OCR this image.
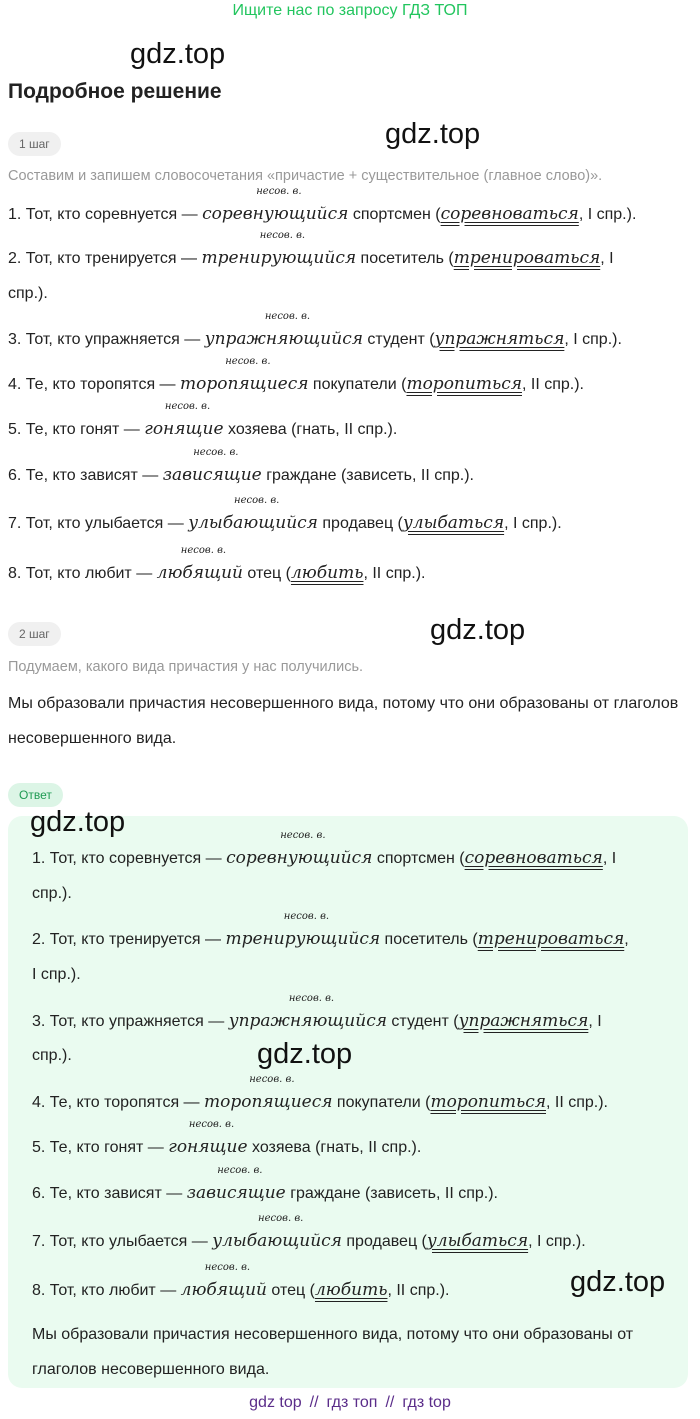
Ищите нас по запросу ГДЗ ТОП
gdz.top
gdz.top
gdz.top
Подробное решение
1 шаг
Составим и запишем словосочетания «причастие + существительное (главное слово)».
1. Тот, кто соревнуется —
несов. в.
соревнующийся спортсмен (соревноваться, I спр.).
2. Тот, кто тренируется —
несов. в.
тренирующийся посетитель (тренироваться, I
спр.).
3. Тот, кто упражняется —
несов. в.
упражняющийся студент (упражняться, I спр.).
4. Те, кто торопятся —
несов. в.
торопящиеся покупатели (торопиться, II спр.).
5. Те, кто гонят —
несов. в.
гонящие хозяева (гнать, II спр.).
6. Те, кто зависят —
несов. в.
зависящие граждане (зависеть, II спр.).
7. Тот, кто улыбается —
несов. в.
улыбающийся продавец (улыбаться, I спр.).
8. Тот, кто любит —
несов. в.
любящий отец (любить, II спр.).
2 шаг
Подумаем, какого вида причастия у нас получились.
Мы образовали причастия несовершенного вида, потому что они образованы от глаголов несовершенного вида.
Ответ
1. Тот, кто соревнуется —
несов. в.
соревнующийся спортсмен (соревноваться, I
спр.).
2. Тот, кто тренируется —
несов. в.
тренирующийся посетитель (тренироваться,
I спр.).
3. Тот, кто упражняется —
несов. в.
упражняющийся студент (упражняться, I
спр.).
4. Те, кто торопятся —
несов. в.
торопящиеся покупатели (торопиться, II спр.).
5. Те, кто гонят —
несов. в.
гонящие хозяева (гнать, II спр.).
6. Те, кто зависят —
несов. в.
зависящие граждане (зависеть, II спр.).
7. Тот, кто улыбается —
несов. в.
улыбающийся продавец (улыбаться, I спр.).
8. Тот, кто любит —
несов. в.
любящий отец (любить, II спр.).
Мы образовали причастия несовершенного вида, потому что они образованы от глаголов несовершенного вида.
gdz.top
gdz.top
gdz.top
gdz top // гдз топ // гдз top
